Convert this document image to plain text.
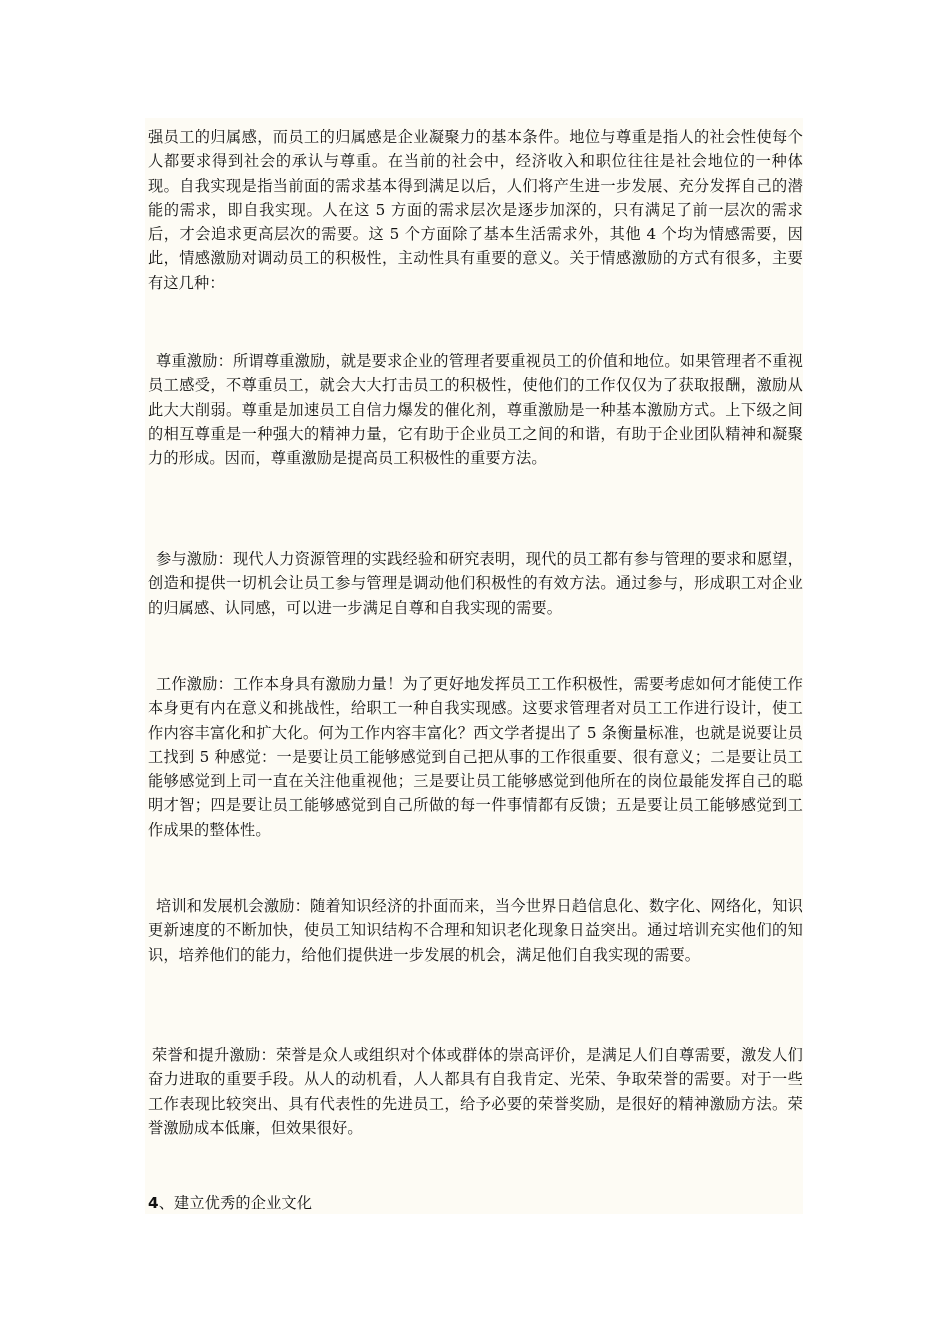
强员工的归属感，而员工的归属感是企业凝聚力的基本条件。地位与尊重是指人的社会性使每个人都要求得到社会的承认与尊重。在当前的社会中，经济收入和职位往往是社会地位的一种体现。自我实现是指当前面的需求基本得到满足以后，人们将产生进一步发展、充分发挥自己的潜能的需求，即自我实现。人在这 5 方面的需求层次是逐步加深的，只有满足了前一层次的需求后，才会追求更高层次的需要。这 5 个方面除了基本生活需求外，其他 4 个均为情感需要，因此，情感激励对调动员工的积极性，主动性具有重要的意义。关于情感激励的方式有很多，主要有这几种：

尊重激励：所谓尊重激励，就是要求企业的管理者要重视员工的价值和地位。如果管理者不重视员工感受，不尊重员工，就会大大打击员工的积极性，使他们的工作仅仅为了获取报酬，激励从此大大削弱。尊重是加速员工自信力爆发的催化剂，尊重激励是一种基本激励方式。上下级之间的相互尊重是一种强大的精神力量，它有助于企业员工之间的和谐，有助于企业团队精神和凝聚力的形成。因而，尊重激励是提高员工积极性的重要方法。

参与激励：现代人力资源管理的实践经验和研究表明，现代的员工都有参与管理的要求和愿望，创造和提供一切机会让员工参与管理是调动他们积极性的有效方法。通过参与，形成职工对企业的归属感、认同感，可以进一步满足自尊和自我实现的需要。

工作激励：工作本身具有激励力量！为了更好地发挥员工工作积极性，需要考虑如何才能使工作本身更有内在意义和挑战性，给职工一种自我实现感。这要求管理者对员工工作进行设计，使工作内容丰富化和扩大化。何为工作内容丰富化？西文学者提出了 5 条衡量标准，也就是说要让员工找到 5 种感觉：一是要让员工能够感觉到自己把从事的工作很重要、很有意义；二是要让员工能够感觉到上司一直在关注他重视他；三是要让员工能够感觉到他所在的岗位最能发挥自己的聪明才智；四是要让员工能够感觉到自己所做的每一件事情都有反馈；五是要让员工能够感觉到工作成果的整体性。

培训和发展机会激励：随着知识经济的扑面而来，当今世界日趋信息化、数字化、网络化，知识更新速度的不断加快，使员工知识结构不合理和知识老化现象日益突出。通过培训充实他们的知识，培养他们的能力，给他们提供进一步发展的机会，满足他们自我实现的需要。

荣誉和提升激励：荣誉是众人或组织对个体或群体的崇高评价，是满足人们自尊需要，激发人们奋力进取的重要手段。从人的动机看，人人都具有自我肯定、光荣、争取荣誉的需要。对于一些工作表现比较突出、具有代表性的先进员工，给予必要的荣誉奖励，是很好的精神激励方法。荣誉激励成本低廉，但效果很好。

4、建立优秀的企业文化
